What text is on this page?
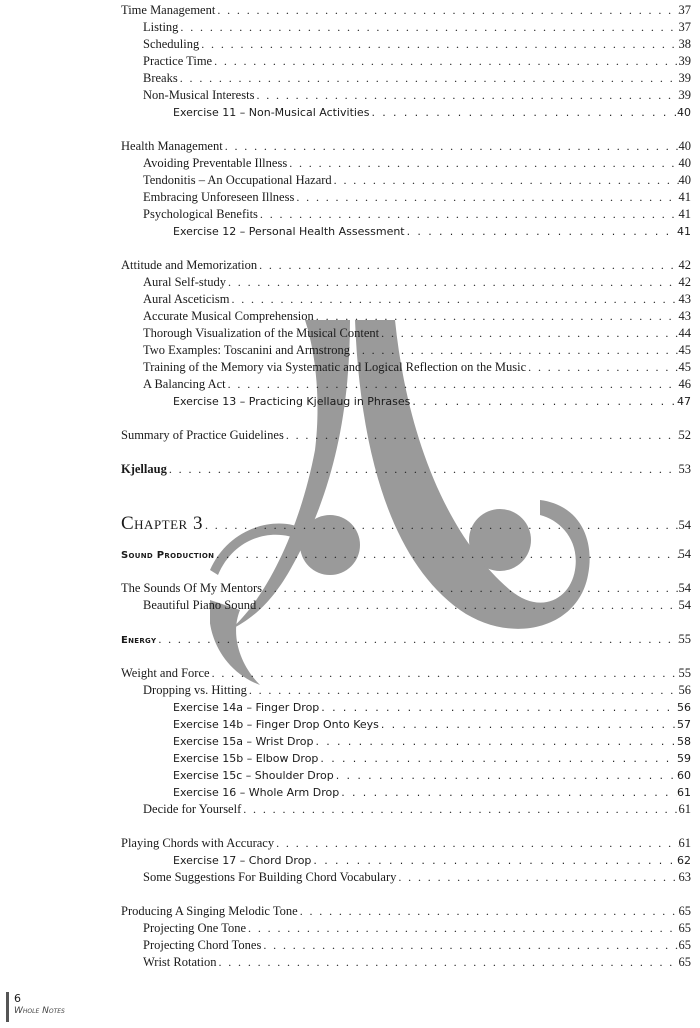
Time Management . . .	37
Listing . . .	37
Scheduling . . .	38
Practice Time . . .	39
Breaks . . .	39
Non-Musical Interests . . .	39
Exercise 11 – Non-Musical Activities . . .	40
Health Management . . .	40
Avoiding Preventable Illness . . .	40
Tendonitis – An Occupational Hazard . . .	40
Embracing Unforeseen Illness . . .	41
Psychological Benefits . . .	41
Exercise 12 – Personal Health Assessment . . .	41
Attitude and Memorization . . .	42
Aural Self-study . . .	42
Aural Asceticism . . .	43
Accurate Musical Comprehension . . .	43
Thorough Visualization of the Musical Content . . .	44
Two Examples: Toscanini and Armstrong . . .	45
Training of the Memory via Systematic and Logical Reflection on the Music . . .	45
A Balancing Act . . .	46
Exercise 13 – Practicing Kjellaug in Phrases . . .	47
Summary of Practice Guidelines . . .	52
Kjellaug . . .	53
Chapter 3 . . .	54
Sound Production . . .	54
The Sounds Of My Mentors . . .	54
Beautiful Piano Sound . . .	54
Energy . . .	55
Weight and Force . . .	55
Dropping vs. Hitting . . .	56
Exercise 14a – Finger Drop . . .	56
Exercise 14b – Finger Drop Onto Keys . . .	57
Exercise 15a – Wrist Drop . . .	58
Exercise 15b – Elbow Drop . . .	59
Exercise 15c – Shoulder Drop . . .	60
Exercise 16 – Whole Arm Drop . . .	61
Decide for Yourself . . .	61
Playing Chords with Accuracy . . .	61
Exercise 17 – Chord Drop . . .	62
Some Suggestions For Building Chord Vocabulary . . .	63
Producing A Singing Melodic Tone . . .	65
Projecting One Tone . . .	65
Projecting Chord Tones . . .	65
Wrist Rotation . . .	65
6
Whole Notes
